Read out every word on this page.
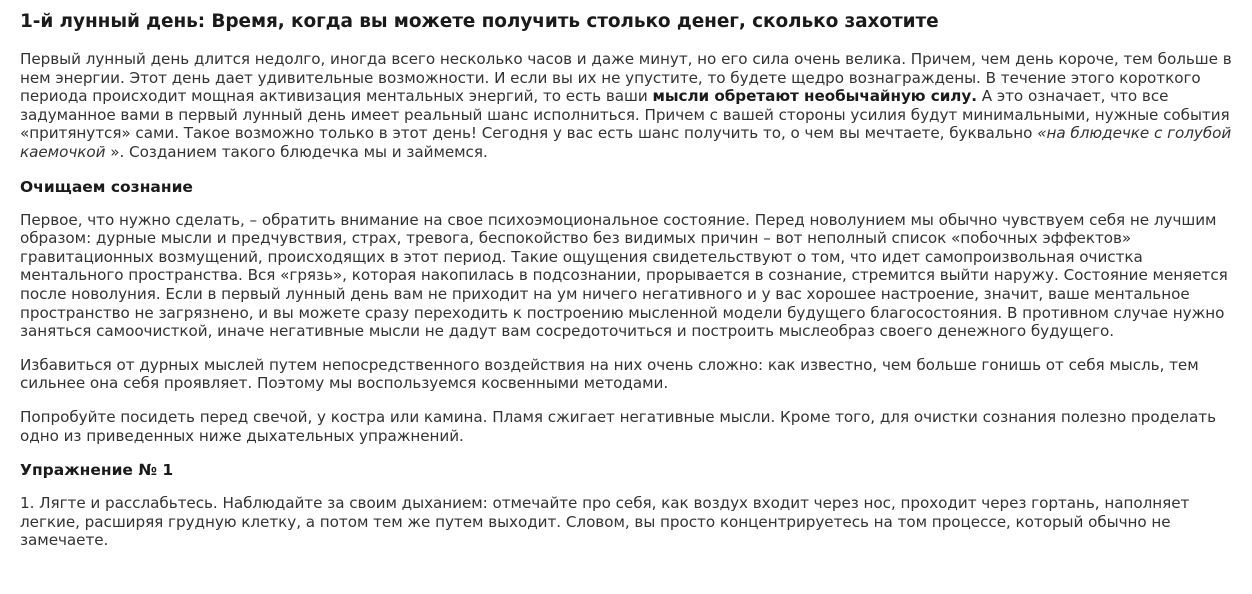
1-й лунный день: Время, когда вы можете получить столько денег, сколько захотите

Первый лунный день длится недолго, иногда всего несколько часов и даже минут, но его сила очень велика. Причем, чем день короче, тем больше в нем энергии. Этот день дает удивительные возможности. И если вы их не упустите, то будете щедро вознаграждены. В течение этого короткого периода происходит мощная активизация ментальных энергий, то есть ваши мысли обретают необычайную силу. А это означает, что все задуманное вами в первый лунный день имеет реальный шанс исполниться. Причем с вашей стороны усилия будут минимальными, нужные события «притянутся» сами. Такое возможно только в этот день! Сегодня у вас есть шанс получить то, о чем вы мечтаете, буквально «на блюдечке с голубой каемочкой ». Созданием такого блюдечка мы и займемся.

Очищаем сознание

Первое, что нужно сделать, – обратить внимание на свое психоэмоциональное состояние. Перед новолунием мы обычно чувствуем себя не лучшим образом: дурные мысли и предчувствия, страх, тревога, беспокойство без видимых причин – вот неполный список «побочных эффектов» гравитационных возмущений, происходящих в этот период. Такие ощущения свидетельствуют о том, что идет самопроизвольная очистка ментального пространства. Вся «грязь», которая накопилась в подсознании, прорывается в сознание, стремится выйти наружу. Состояние меняется после новолуния. Если в первый лунный день вам не приходит на ум ничего негативного и у вас хорошее настроение, значит, ваше ментальное пространство не загрязнено, и вы можете сразу переходить к построению мысленной модели будущего благосостояния. В противном случае нужно заняться самоочисткой, иначе негативные мысли не дадут вам сосредоточиться и построить мыслеобраз своего денежного будущего.

Избавиться от дурных мыслей путем непосредственного воздействия на них очень сложно: как известно, чем больше гонишь от себя мысль, тем сильнее она себя проявляет. Поэтому мы воспользуемся косвенными методами.

Попробуйте посидеть перед свечой, у костра или камина. Пламя сжигает негативные мысли. Кроме того, для очистки сознания полезно проделать одно из приведенных ниже дыхательных упражнений.

Упражнение № 1

1. Лягте и расслабьтесь. Наблюдайте за своим дыханием: отмечайте про себя, как воздух входит через нос, проходит через гортань, наполняет легкие, расширяя грудную клетку, а потом тем же путем выходит. Словом, вы просто концентрируетесь на том процессе, который обычно не замечаете.
